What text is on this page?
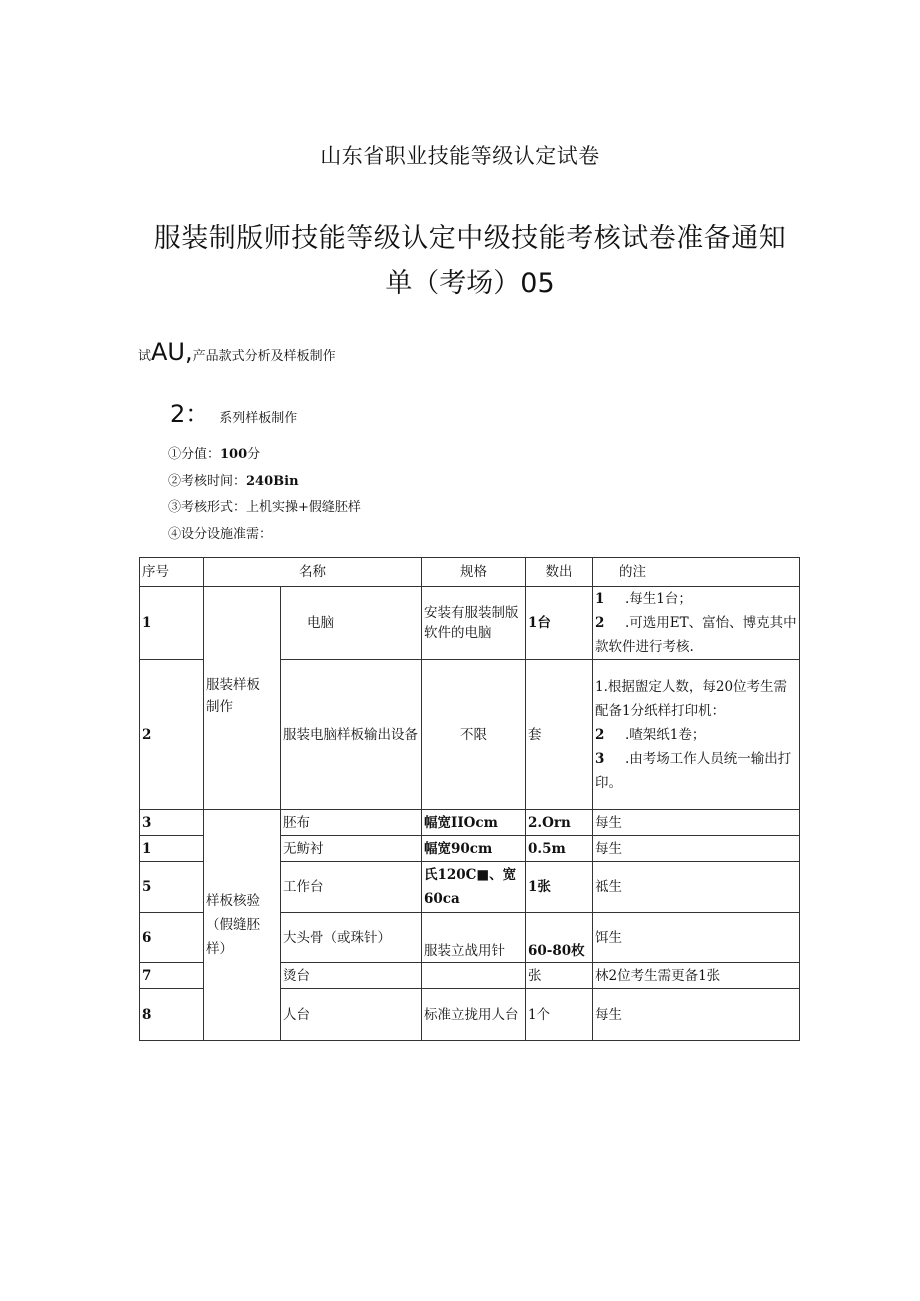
山东省职业技能等级认定试卷
服装制版师技能等级认定中级技能考核试卷准备通知
单（考场）05
试AU,产品款式分析及样板制作
2： 系列样板制作
①分值：100分
②考核时间：240Bin
③考核形式：上机实操+假缝胚样
④设分设施准需：
序号	名称		规格	数出	的注
1	服装样板制作	电脑	安装有服装制版软件的电脑	1台	1 .每生1台；
2 .可选用ET、富怡、博克其中款软件进行考核.

2		服装电脑样板输出设备	不限	套	1.根据盥定人数，每20位考生需配备1分纸样打印机：
2 .喳架纸1卷；
3 .由考场工作人员统一输出打印。

3	样板核验（假缝胚样）	胚布	幅宽IIOcm	2.Orn	每生
1		无鲂衬	幅宽90cm	0.5m	每生
5		工作台	氏120C■、宽60ca	1张	祗生
6		大头骨（或珠针）	服装立战用针	60-80枚	饵生
7		烫台		张	林2位考生需更备1张
8		人台	标准立拢用人台	1个	每生
